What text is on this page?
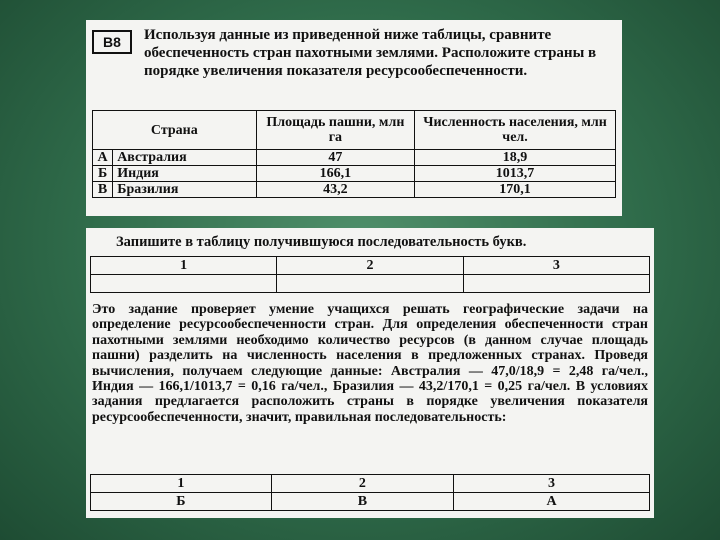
В8	Используя данные из приведенной ниже таблицы, сравните обеспеченность стран пахотными землями. Расположите страны в порядке увеличения показателя ресурсообеспеченности.
Страна		Площадь пашни, млн га	Численность населения, млн чел.
А	Австралия	47	18,9
Б	Индия	166,1	1013,7
В	Бразилия	43,2	170,1
Запишите в таблицу получившуюся последовательность букв.
1	2	3

Это задание проверяет умение учащихся решать географические задачи на определение ресурсообеспеченности стран. Для определения обеспеченности стран пахотными землями необходимо количество ресурсов (в данном случае площадь пашни) разделить на численность населения в предложенных странах. Проведя вычисления, получаем следующие данные: Австралия — 47,0/18,9 = 2,48 га/чел., Индия — 166,1/1013,7 = 0,16 га/чел., Бразилия — 43,2/170,1 = 0,25 га/чел. В условиях задания предлагается расположить страны в порядке увеличения показателя ресурсообеспеченности, значит, правильная последовательность:
1	2	3
Б	В	А
